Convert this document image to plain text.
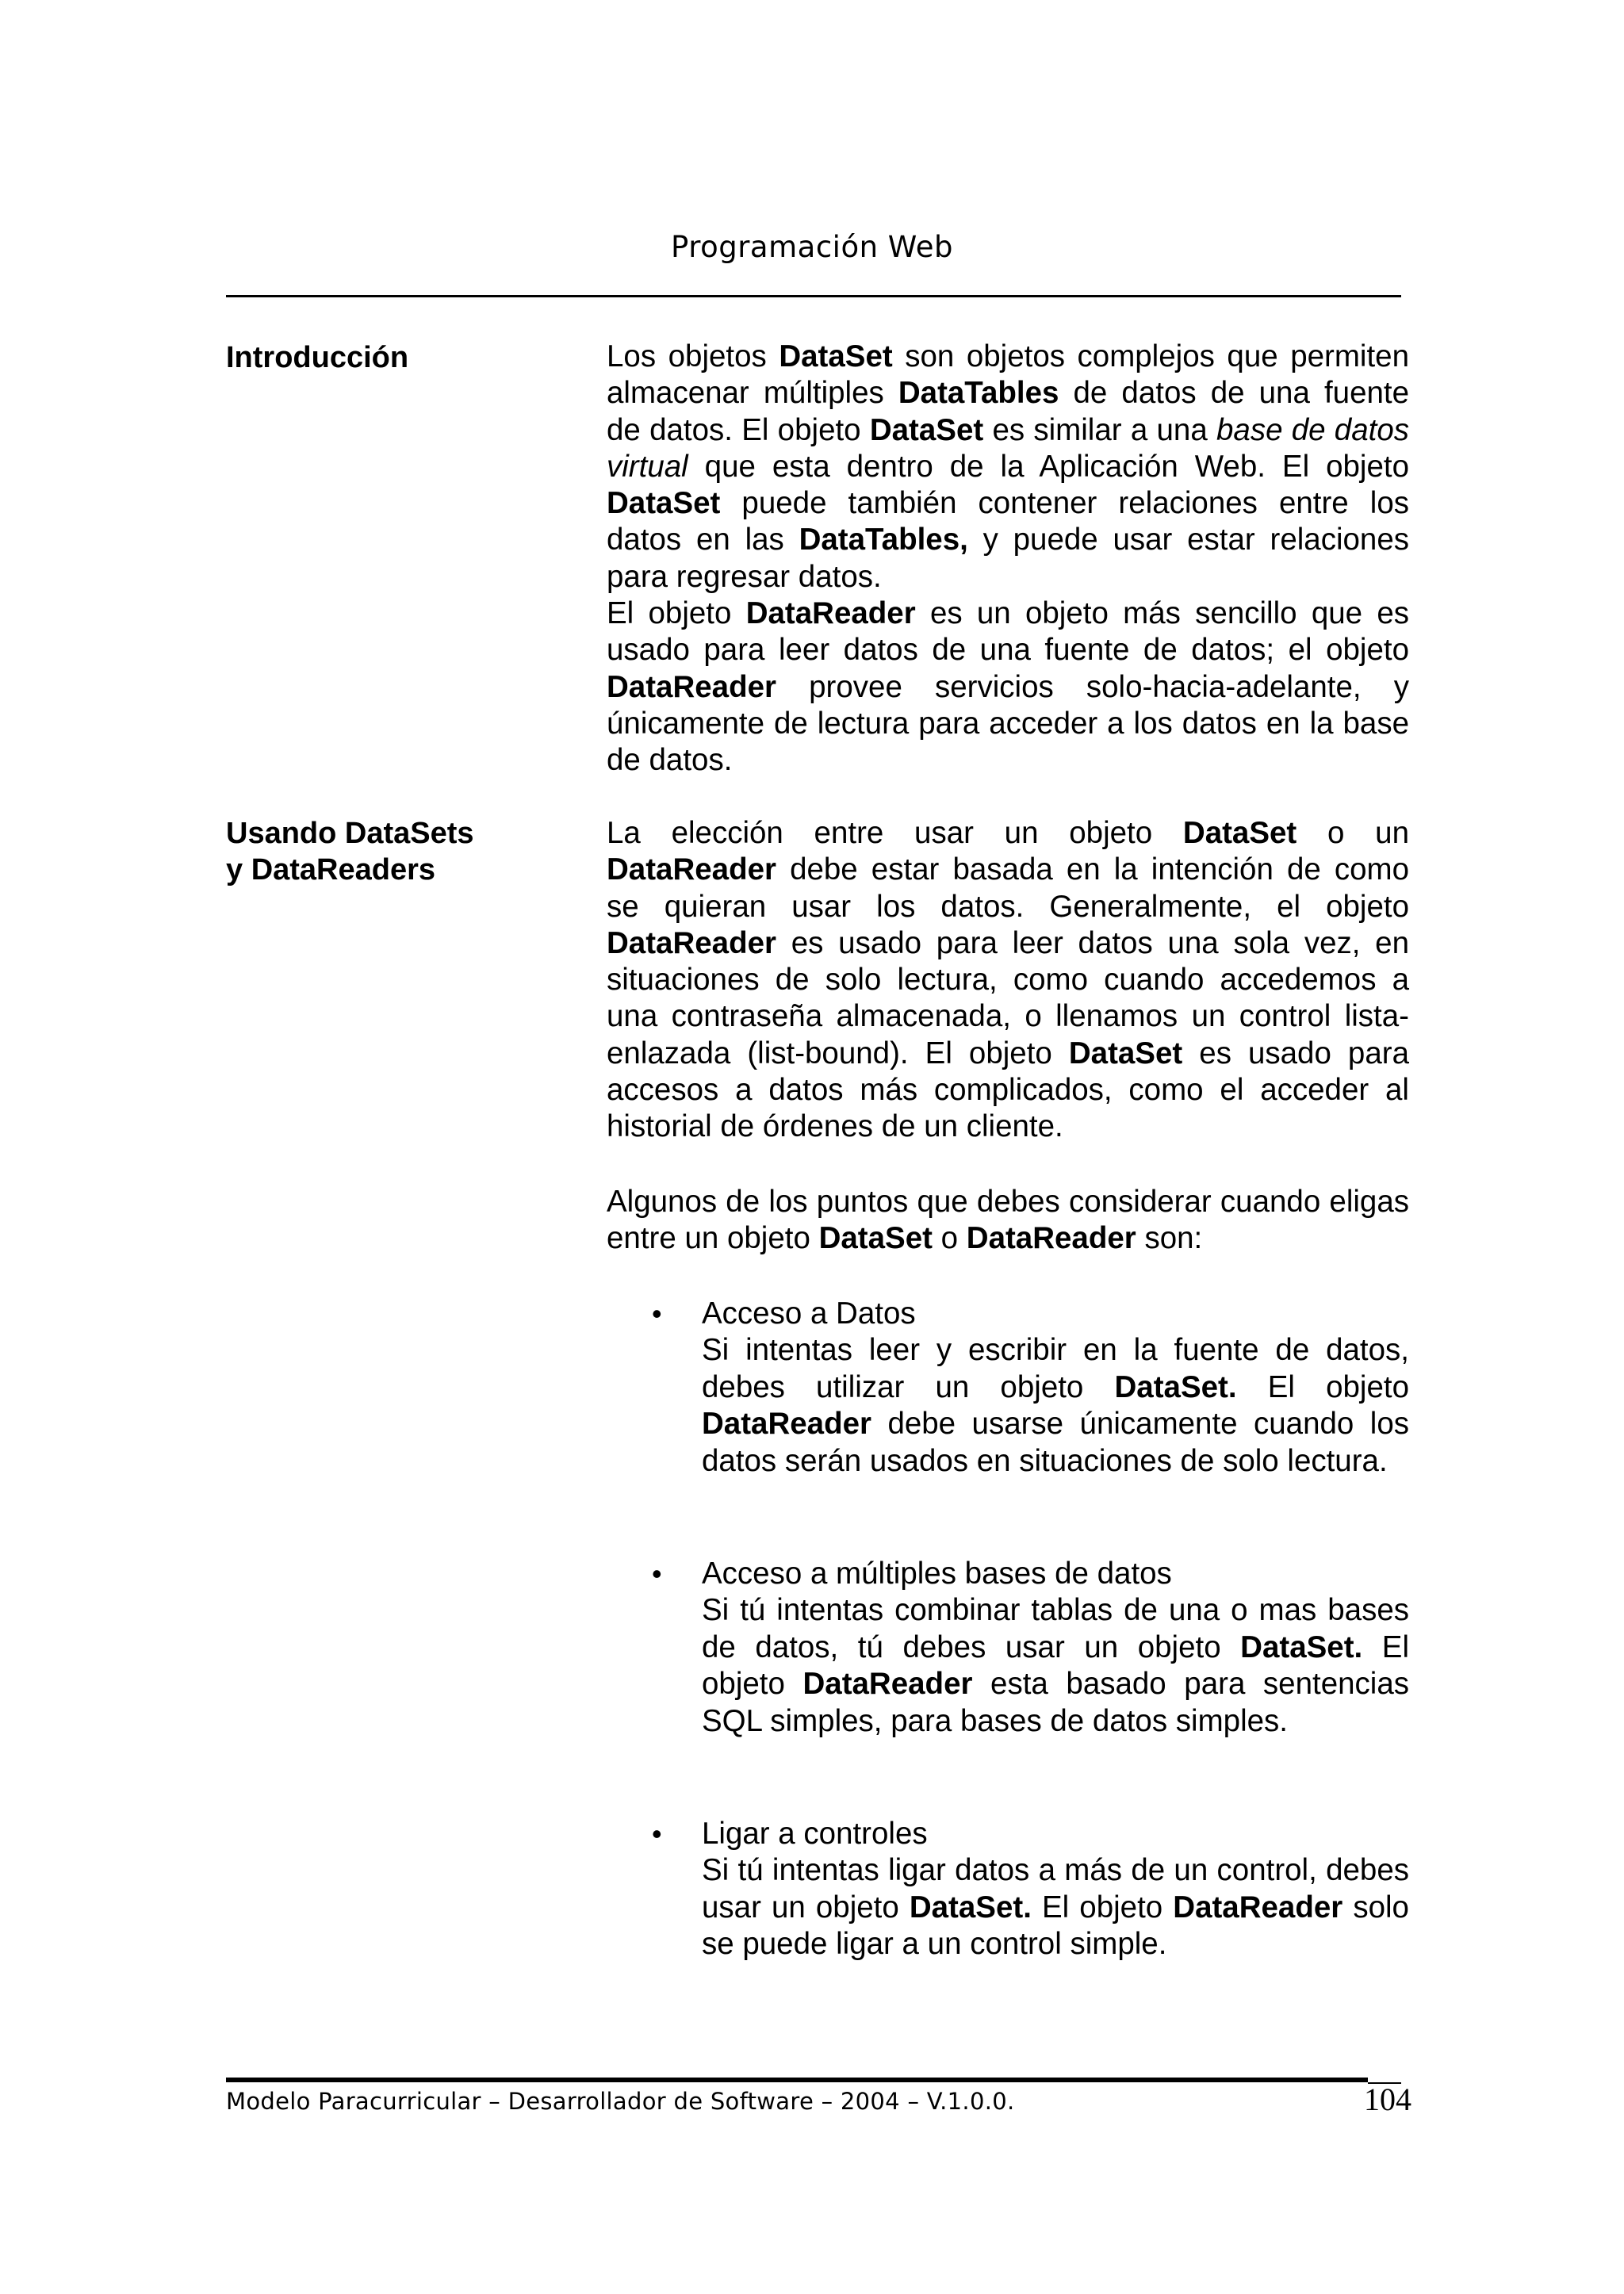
Programación Web
Introducción	Los objetos DataSet son objetos complejos que permiten almacenar múltiples DataTables de datos de una fuente de datos. El objeto DataSet es similar a una base de datos virtual que esta dentro de la Aplicación Web. El objeto DataSet puede también contener relaciones entre los datos en las DataTables, y puede usar estar relaciones para regresar datos.

El objeto DataReader es un objeto más sencillo que es usado para leer datos de una fuente de datos; el objeto DataReader provee servicios solo-hacia-adelante, y únicamente de lectura para acceder a los datos en la base de datos.

Usando DataSets
y DataReaders

La elección entre usar un objeto DataSet o un DataReader debe estar basada en la intención de como se quieran usar los datos. Generalmente, el objeto DataReader es usado para leer datos una sola vez, en situaciones de solo lectura, como cuando accedemos a una contraseña almacenada, o llenamos un control lista-enlazada (list-bound). El objeto DataSet es usado para accesos a datos más complicados, como el acceder al historial de órdenes de un cliente.

Algunos de los puntos que debes considerar cuando eligas entre un objeto DataSet o DataReader son:

• Acceso a Datos
Si intentas leer y escribir en la fuente de datos, debes utilizar un objeto DataSet. El objeto DataReader debe usarse únicamente cuando los datos serán usados en situaciones de solo lectura.
• Acceso a múltiples bases de datos
Si tú intentas combinar tablas de una o mas bases de datos, tú debes usar un objeto DataSet. El objeto DataReader esta basado para sentencias SQL simples, para bases de datos simples.
• Ligar a controles
Si tú intentas ligar datos a más de un control, debes usar un objeto DataSet. El objeto DataReader solo se puede ligar a un control simple.
Modelo Paracurricular – Desarrollador de Software – 2004 – V.1.0.0.	104
